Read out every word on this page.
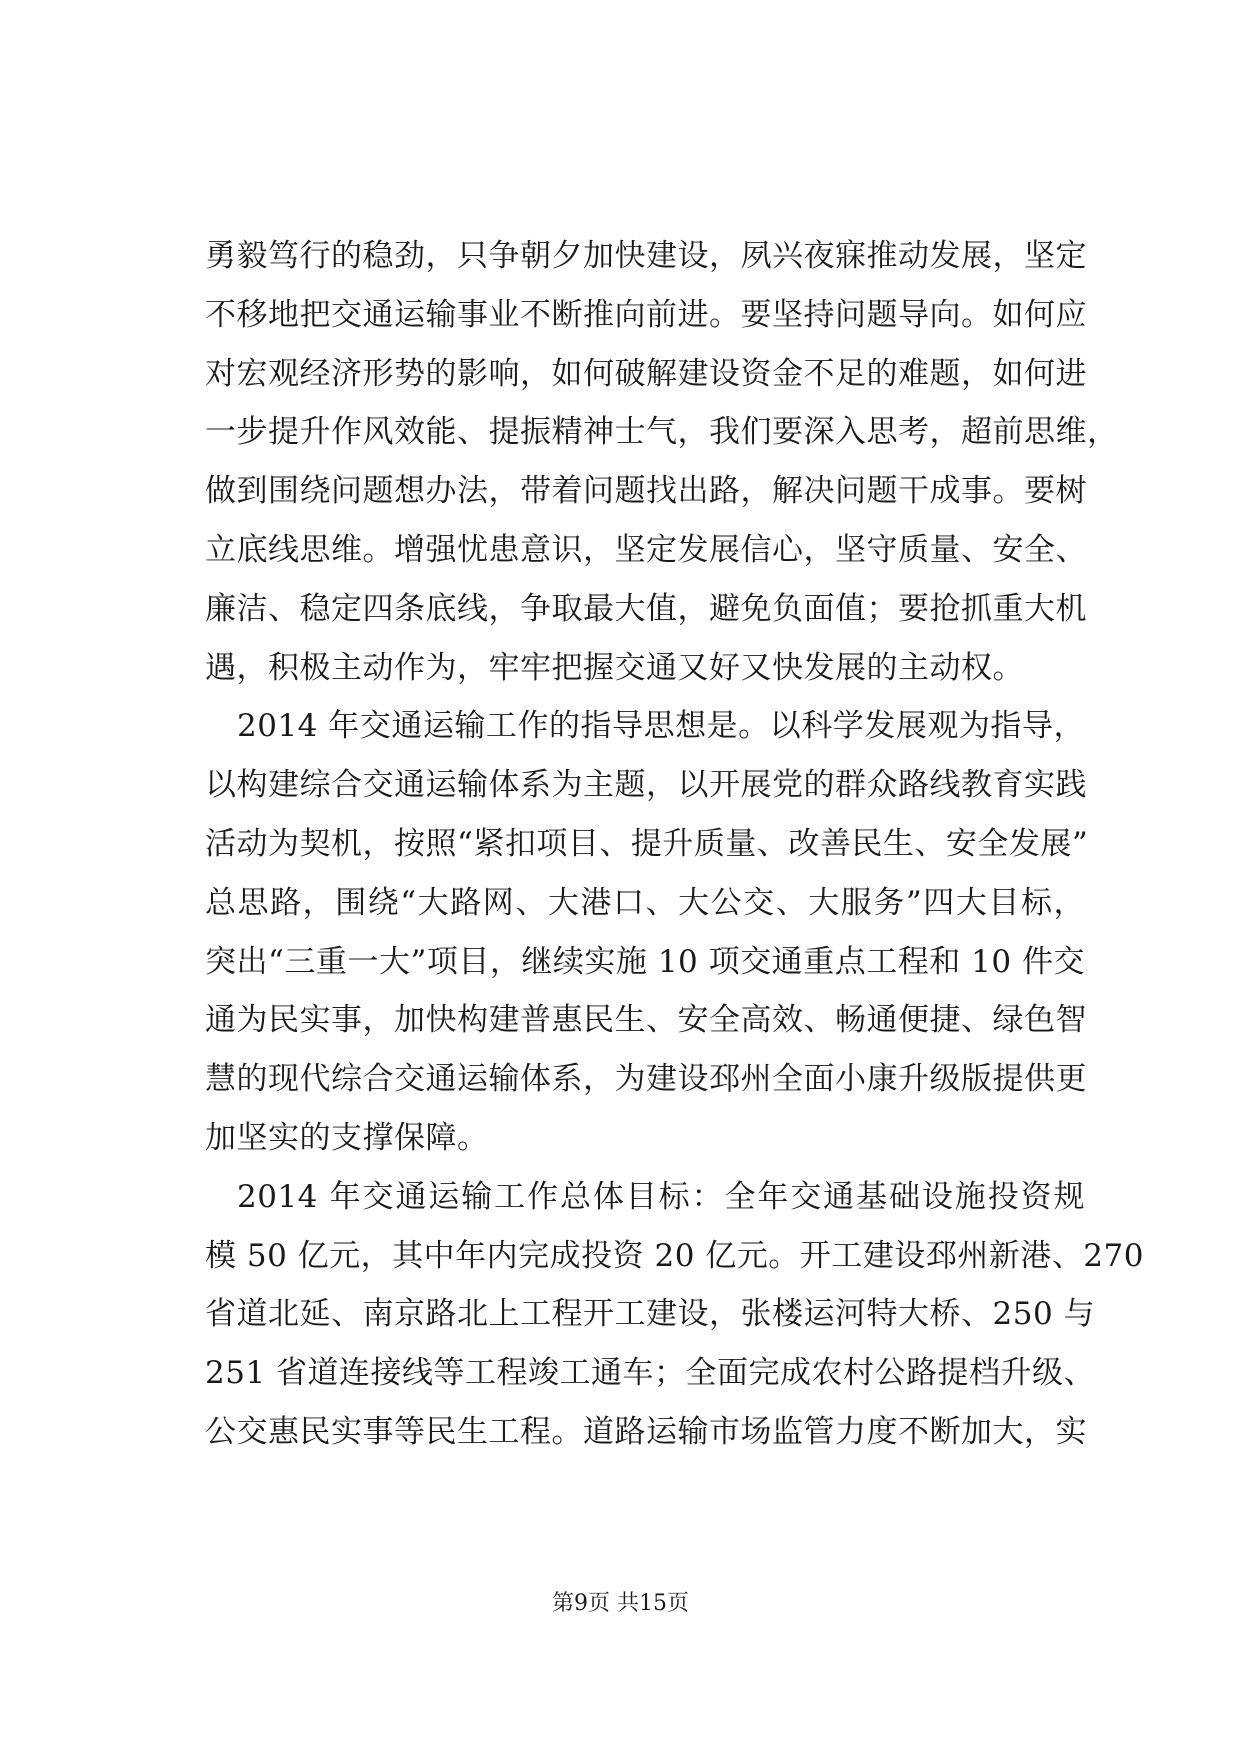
勇毅笃行的稳劲，只争朝夕加快建设，夙兴夜寐推动发展，坚定
不移地把交通运输事业不断推向前进。要坚持问题导向。如何应
对宏观经济形势的影响，如何破解建设资金不足的难题，如何进
一步提升作风效能、提振精神士气，我们要深入思考，超前思维，
做到围绕问题想办法，带着问题找出路，解决问题干成事。要树
立底线思维。增强忧患意识，坚定发展信心，坚守质量、安全、
廉洁、稳定四条底线，争取最大值，避免负面值；要抢抓重大机
遇，积极主动作为，牢牢把握交通又好又快发展的主动权。
2014 年交通运输工作的指导思想是。以科学发展观为指导，
以构建综合交通运输体系为主题，以开展党的群众路线教育实践
活动为契机，按照“紧扣项目、提升质量、改善民生、安全发展”
总思路，围绕“大路网、大港口、大公交、大服务”四大目标，
突出“三重一大”项目，继续实施 10 项交通重点工程和 10 件交
通为民实事，加快构建普惠民生、安全高效、畅通便捷、绿色智
慧的现代综合交通运输体系，为建设邳州全面小康升级版提供更
加坚实的支撑保障。
2014 年交通运输工作总体目标：全年交通基础设施投资规
模 50 亿元，其中年内完成投资 20 亿元。开工建设邳州新港、270
省道北延、南京路北上工程开工建设，张楼运河特大桥、250 与
251 省道连接线等工程竣工通车；全面完成农村公路提档升级、
公交惠民实事等民生工程。道路运输市场监管力度不断加大，实
第9页 共15页
